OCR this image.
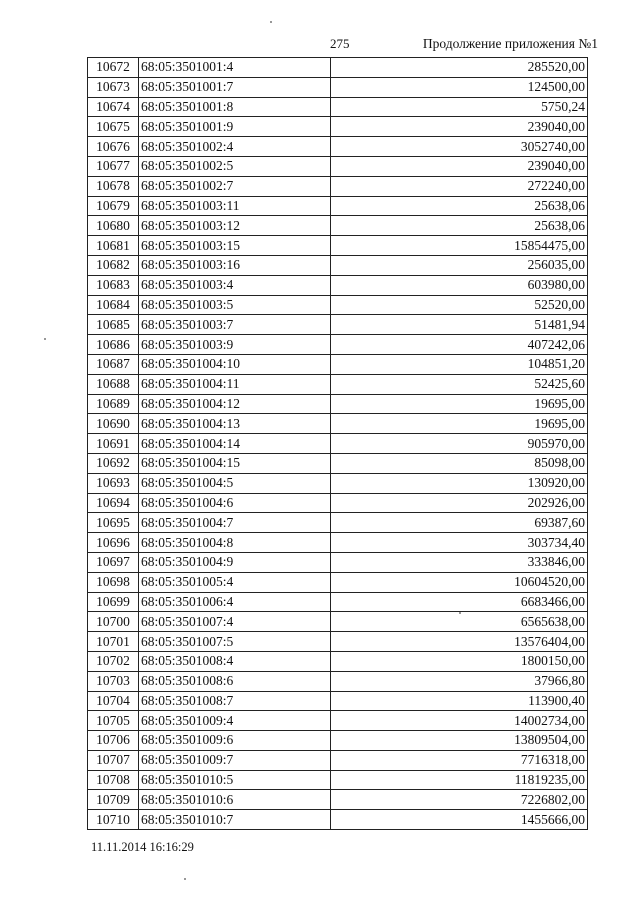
275	Продолжение приложения №1
10672	68:05:3501001:4	285520,00
10673	68:05:3501001:7	124500,00
10674	68:05:3501001:8	5750,24
10675	68:05:3501001:9	239040,00
10676	68:05:3501002:4	3052740,00
10677	68:05:3501002:5	239040,00
10678	68:05:3501002:7	272240,00
10679	68:05:3501003:11	25638,06
10680	68:05:3501003:12	25638,06
10681	68:05:3501003:15	15854475,00
10682	68:05:3501003:16	256035,00
10683	68:05:3501003:4	603980,00
10684	68:05:3501003:5	52520,00
10685	68:05:3501003:7	51481,94
10686	68:05:3501003:9	407242,06
10687	68:05:3501004:10	104851,20
10688	68:05:3501004:11	52425,60
10689	68:05:3501004:12	19695,00
10690	68:05:3501004:13	19695,00
10691	68:05:3501004:14	905970,00
10692	68:05:3501004:15	85098,00
10693	68:05:3501004:5	130920,00
10694	68:05:3501004:6	202926,00
10695	68:05:3501004:7	69387,60
10696	68:05:3501004:8	303734,40
10697	68:05:3501004:9	333846,00
10698	68:05:3501005:4	10604520,00
10699	68:05:3501006:4	6683466,00
10700	68:05:3501007:4	6565638,00
10701	68:05:3501007:5	13576404,00
10702	68:05:3501008:4	1800150,00
10703	68:05:3501008:6	37966,80
10704	68:05:3501008:7	113900,40
10705	68:05:3501009:4	14002734,00
10706	68:05:3501009:6	13809504,00
10707	68:05:3501009:7	7716318,00
10708	68:05:3501010:5	11819235,00
10709	68:05:3501010:6	7226802,00
10710	68:05:3501010:7	1455666,00
11.11.2014 16:16:29
